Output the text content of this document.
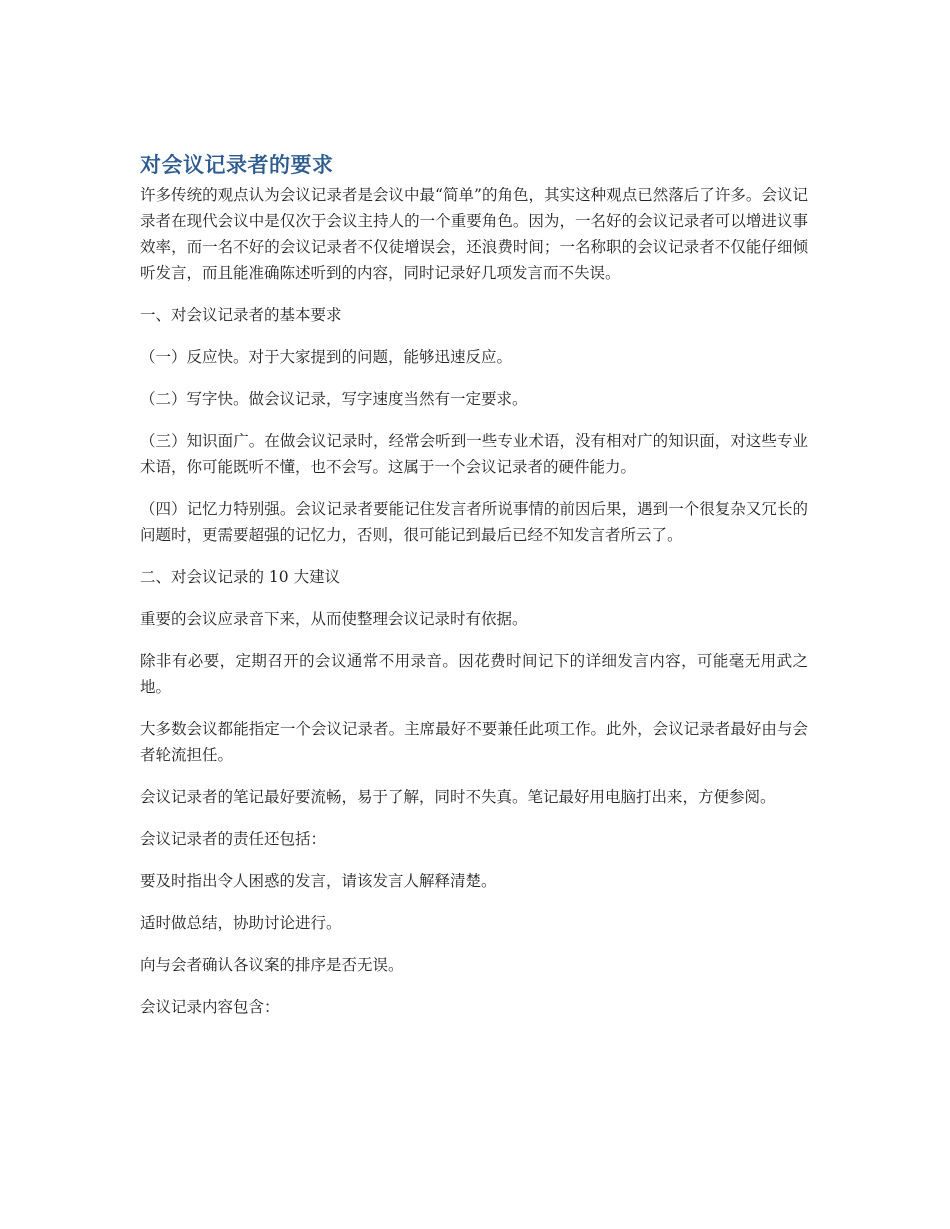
对会议记录者的要求

许多传统的观点认为会议记录者是会议中最“简单”的角色，其实这种观点已然落后了许多。会议记录者在现代会议中是仅次于会议主持人的一个重要角色。因为，一名好的会议记录者可以增进议事效率，而一名不好的会议记录者不仅徒增误会，还浪费时间；一名称职的会议记录者不仅能仔细倾听发言，而且能准确陈述听到的内容，同时记录好几项发言而不失误。

一、对会议记录者的基本要求

（一）反应快。对于大家提到的问题，能够迅速反应。

（二）写字快。做会议记录，写字速度当然有一定要求。

（三）知识面广。在做会议记录时，经常会听到一些专业术语，没有相对广的知识面，对这些专业术语，你可能既听不懂，也不会写。这属于一个会议记录者的硬件能力。

（四）记忆力特别强。会议记录者要能记住发言者所说事情的前因后果，遇到一个很复杂又冗长的问题时，更需要超强的记忆力，否则，很可能记到最后已经不知发言者所云了。

二、对会议记录的 10 大建议

重要的会议应录音下来，从而使整理会议记录时有依据。

除非有必要，定期召开的会议通常不用录音。因花费时间记下的详细发言内容，可能毫无用武之地。

大多数会议都能指定一个会议记录者。主席最好不要兼任此项工作。此外，会议记录者最好由与会者轮流担任。

会议记录者的笔记最好要流畅，易于了解，同时不失真。笔记最好用电脑打出来，方便参阅。

会议记录者的责任还包括：

要及时指出令人困惑的发言，请该发言人解释清楚。

适时做总结，协助讨论进行。

向与会者确认各议案的排序是否无误。

会议记录内容包含：
